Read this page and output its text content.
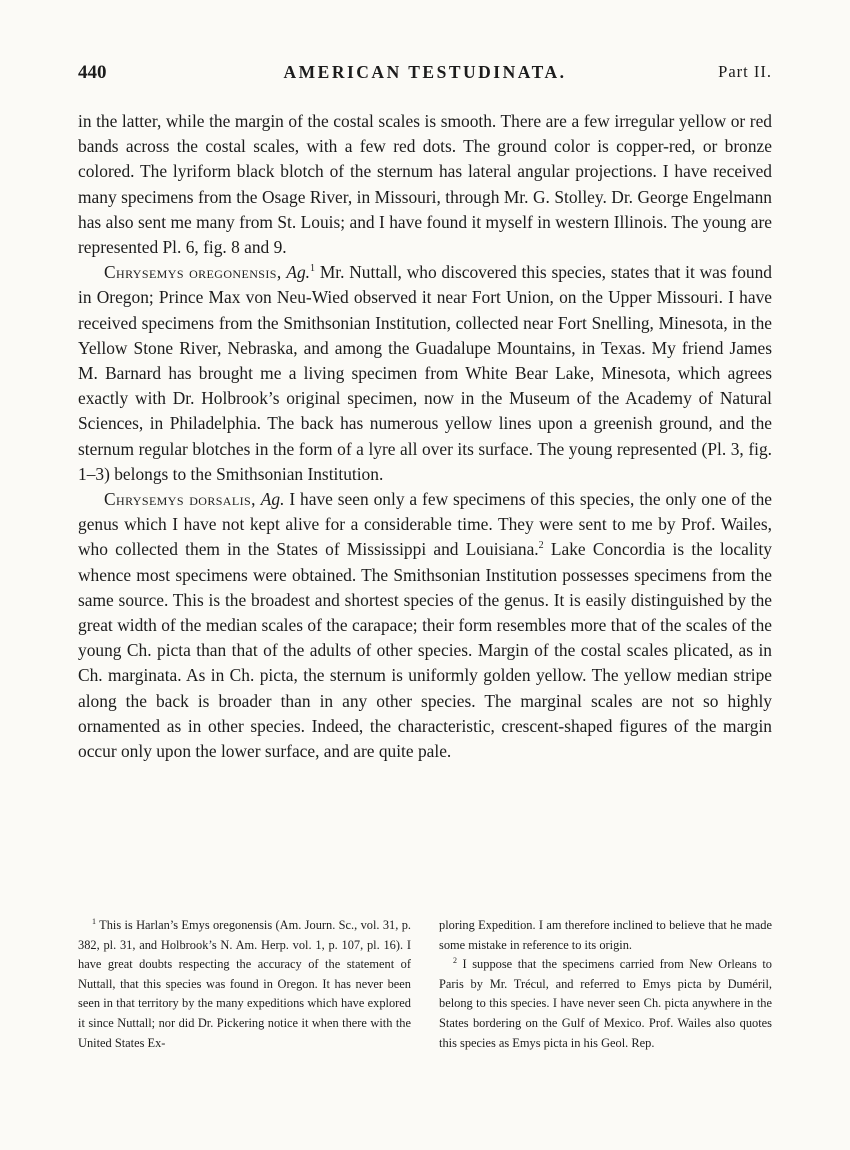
440	AMERICAN TESTUDINATA.	Part II.

in the latter, while the margin of the costal scales is smooth. There are a few irregular yellow or red bands across the costal scales, with a few red dots. The ground color is copper-red, or bronze colored. The lyriform black blotch of the sternum has lateral angular projections. I have received many specimens from the Osage River, in Missouri, through Mr. G. Stolley. Dr. George Engelmann has also sent me many from St. Louis; and I have found it myself in western Illinois. The young are represented Pl. 6, fig. 8 and 9.

Chrysemys oregonensis, Ag.$^1$ Mr. Nuttall, who discovered this species, states that it was found in Oregon; Prince Max von Neu-Wied observed it near Fort Union, on the Upper Missouri. I have received specimens from the Smithsonian Institution, collected near Fort Snelling, Minesota, in the Yellow Stone River, Nebraska, and among the Guadalupe Mountains, in Texas. My friend James M. Barnard has brought me a living specimen from White Bear Lake, Minesota, which agrees exactly with Dr. Holbrook’s original specimen, now in the Museum of the Academy of Natural Sciences, in Philadelphia. The back has numerous yellow lines upon a greenish ground, and the sternum regular blotches in the form of a lyre all over its surface. The young represented (Pl. 3, fig. 1–3) belongs to the Smithsonian Institution.

Chrysemys dorsalis, Ag. I have seen only a few specimens of this species, the only one of the genus which I have not kept alive for a considerable time. They were sent to me by Prof. Wailes, who collected them in the States of Mississippi and Louisiana.$^2$ Lake Concordia is the locality whence most specimens were obtained. The Smithsonian Institution possesses specimens from the same source. This is the broadest and shortest species of the genus. It is easily distinguished by the great width of the median scales of the carapace; their form resembles more that of the scales of the young Ch. picta than that of the adults of other species. Margin of the costal scales plicated, as in Ch. marginata. As in Ch. picta, the sternum is uniformly golden yellow. The yellow median stripe along the back is broader than in any other species. The marginal scales are not so highly ornamented as in other species. Indeed, the characteristic, crescent-shaped figures of the margin occur only upon the lower surface, and are quite pale.

$^1$ This is Harlan’s Emys oregonensis (Am. Journ. Sc., vol. 31, p. 382, pl. 31, and Holbrook’s N. Am. Herp. vol. 1, p. 107, pl. 16). I have great doubts respecting the accuracy of the statement of Nuttall, that this species was found in Oregon. It has never been seen in that territory by the many expeditions which have explored it since Nuttall; nor did Dr. Pickering notice it when there with the United States Ex-

ploring Expedition. I am therefore inclined to believe that he made some mistake in reference to its origin.

$^2$ I suppose that the specimens carried from New Orleans to Paris by Mr. Trécul, and referred to Emys picta by Duméril, belong to this species. I have never seen Ch. picta anywhere in the States bordering on the Gulf of Mexico. Prof. Wailes also quotes this species as Emys picta in his Geol. Rep.
